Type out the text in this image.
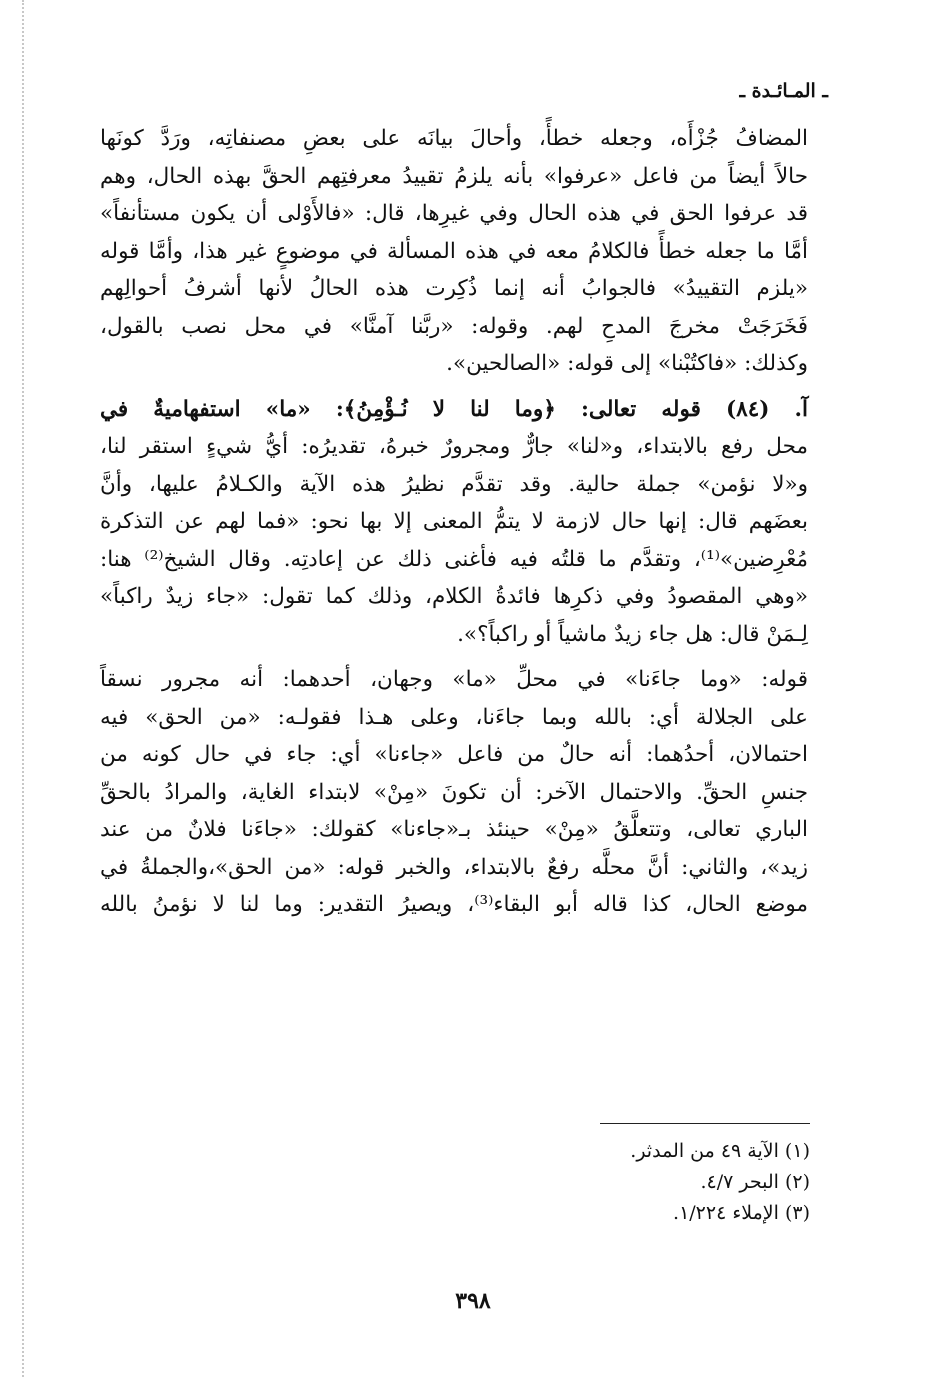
ـ المـائـدة ـ

المضافُ جُزْأَه، وجعله خطأً، وأحالَ بيانَه على بعضِ مصنفاتِه، ورَدَّ كونَها
حالاً أيضاً من فاعل «عرفوا» بأنه يلزمُ تقييدُ معرفتِهم الحقَّ بهذه الحال، وهم
قد عرفوا الحق في هذه الحال وفي غيرِها، قال: «فالأَوْلى أن يكون مستأنفاً»
أمَّا ما جعله خطأً فالكلامُ معه في هذه المسألة في موضوعٍ غير هذا، وأمَّا قوله
«يلزم التقييدُ» فالجوابُ أنه إنما ذُكِرت هذه الحالُ لأنها أشرفُ أحوالِهم
فَخَرَجَتْ مخرجَ المدحِ لهم. وقوله: «ربَّنا آمنَّا» في محل نصب بالقول،
وكذلك: «فاكتُبْنا» إلى قوله: «الصالحين».

آ. (٨٤) قوله تعالى: ﴿وما لنا لا نُـؤْمِنُ﴾: «ما» استفهاميةٌ في
محل رفع بالابتداء، و«لنا» جارٌّ ومجرورٌ خبرهُ، تقديرُه: أيُّ شيءٍ استقر لنا،
و«لا نؤمن» جملة حالية. وقد تقدَّم نظيرُ هذه الآية والكـلامُ عليها، وأنَّ
بعضَهم قال: إنها حال لازمة لا يتمُّ المعنى إلا بها نحو: «فما لهم عن التذكرة
مُعْرِضين»⁽¹⁾، وتقدَّم ما قلتُه فيه فأغنى ذلك عن إعادتِه. وقال الشيخ⁽²⁾ هنا:
«وهي المقصودُ وفي ذكرِها فائدةُ الكلام، وذلك كما تقول: «جاء زيدٌ راكباً»
لِـمَنْ قال: هل جاء زيدٌ ماشياً أو راكباً؟».

قوله: «وما جاءَنا» في محلِّ «ما» وجهان، أحدهما: أنه مجرور نسقاً
على الجلالة أي: بالله وبما جاءَنا، وعلى هـذا فقولـه: «من الحق» فيه
احتمالان، أحدُهما: أنه حالٌ من فاعل «جاءنا» أي: جاء في حال كونه من
جنسِ الحقِّ. والاحتمال الآخر: أن تكونَ «مِنْ» لابتداء الغاية، والمرادُ بالحقِّ
الباري تعالى، وتتعلَّقُ «مِنْ» حينئذ بـ«جاءنا» كقولك: «جاءَنا فلانٌ من عند
زيد»، والثاني: أنَّ محلَّه رفعٌ بالابتداء، والخبر قوله: «من الحق»،والجملةُ في
موضع الحال، كذا قاله أبو البقاء⁽³⁾، ويصيرُ التقدير: وما لنا لا نؤمنُ بالله

(١) الآية ٤٩ من المدثر.
(٢) البحر ٤/٧.
(٣) الإملاء ١/٢٢٤.
٣٩٨
